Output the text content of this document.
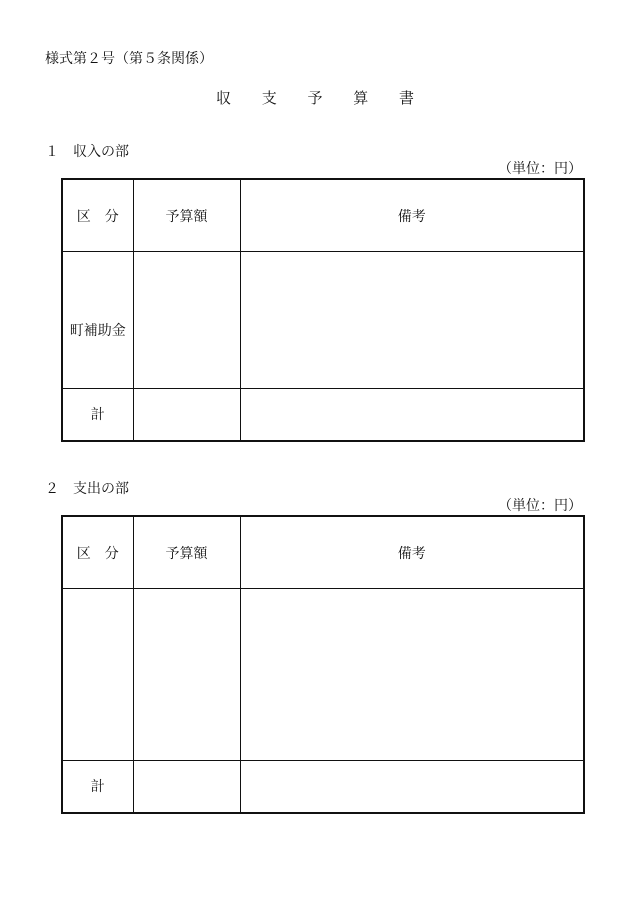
様式第２号（第５条関係）
収 支 予 算 書
１　収入の部
（単位：円）
区　分	予算額	備考

町補助金		

計		
２　支出の部
（単位：円）
区　分	予算額	備考

計		
